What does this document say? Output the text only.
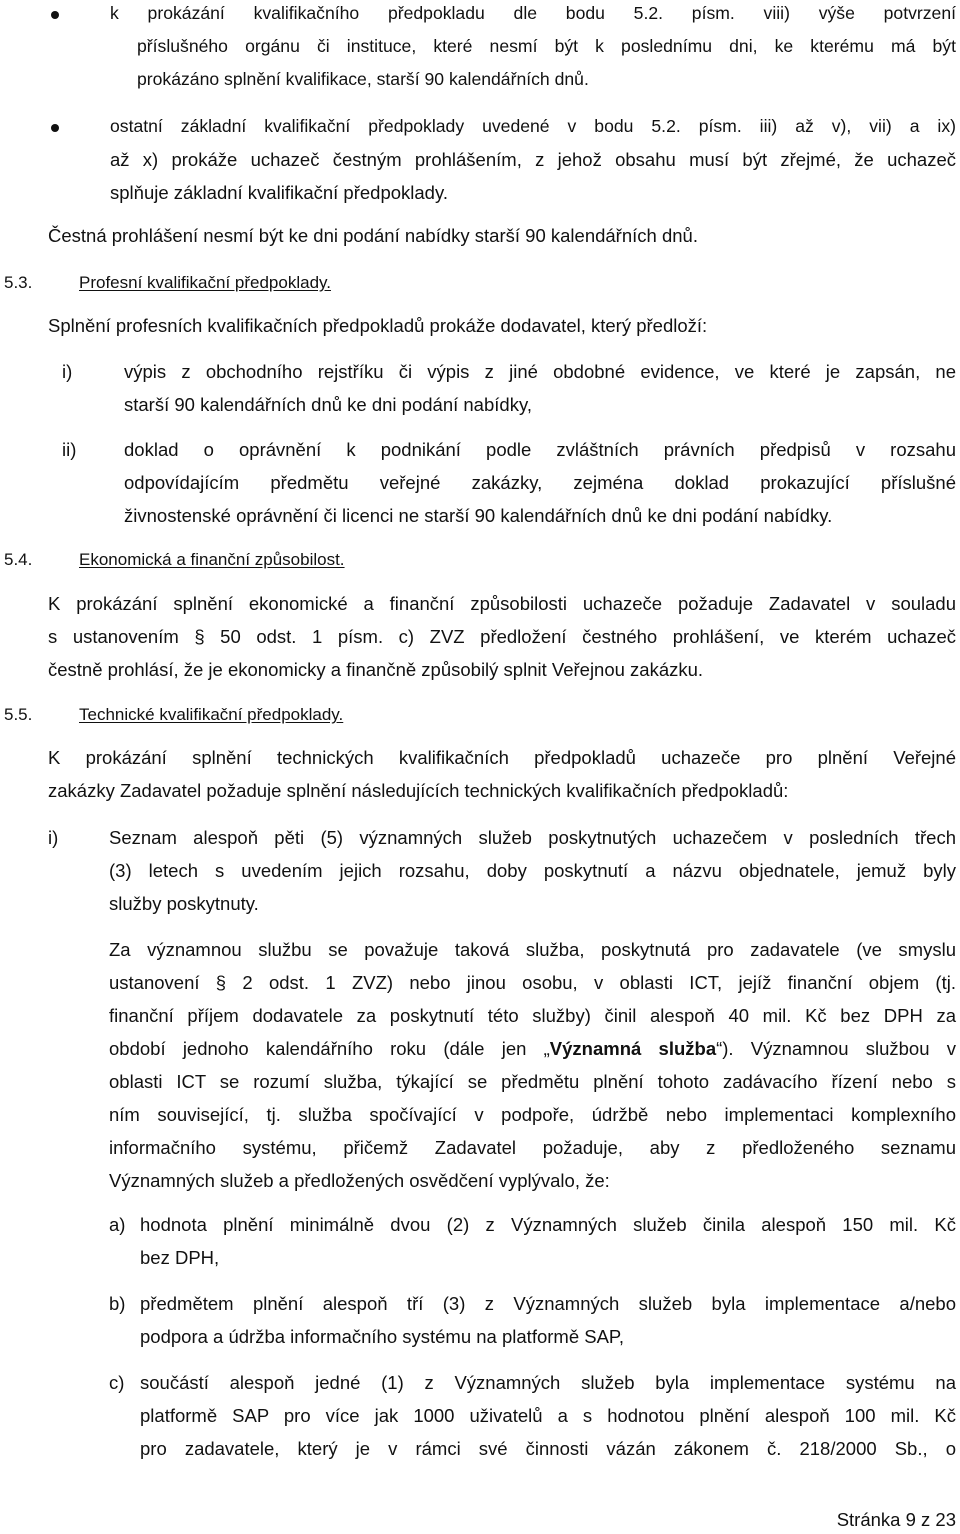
k prokázání kvalifikačního předpokladu dle bodu 5.2. písm. viii) výše potvrzení
příslušného orgánu či instituce, které nesmí být k poslednímu dni, ke kterému má být
prokázáno splnění kvalifikace, starší 90 kalendářních dnů.
ostatní základní kvalifikační předpoklady uvedené v bodu 5.2. písm. iii) až v), vii) a ix)
až x) prokáže uchazeč čestným prohlášením, z jehož obsahu musí být zřejmé, že uchazeč
splňuje základní kvalifikační předpoklady.
Čestná prohlášení nesmí být ke dni podání nabídky starší 90 kalendářních dnů.
5.3.	Profesní kvalifikační předpoklady.
Splnění profesních kvalifikačních předpokladů prokáže dodavatel, který předloží:
i)	výpis z obchodního rejstříku či výpis z jiné obdobné evidence, ve které je zapsán, ne
starší 90 kalendářních dnů ke dni podání nabídky,
ii)	doklad o oprávnění k podnikání podle zvláštních právních předpisů v rozsahu
odpovídajícím předmětu veřejné zakázky, zejména doklad prokazující příslušné
živnostenské oprávnění či licenci ne starší 90 kalendářních dnů ke dni podání nabídky.
5.4.	Ekonomická a finanční způsobilost.
K prokázání splnění ekonomické a finanční způsobilosti uchazeče požaduje Zadavatel v souladu
s ustanovením § 50 odst. 1 písm. c) ZVZ předložení čestného prohlášení, ve kterém uchazeč
čestně prohlásí, že je ekonomicky a finančně způsobilý splnit Veřejnou zakázku.
5.5.	Technické kvalifikační předpoklady.
K prokázání splnění technických kvalifikačních předpokladů uchazeče pro plnění Veřejné
zakázky Zadavatel požaduje splnění následujících technických kvalifikačních předpokladů:
i)	Seznam alespoň pěti (5) významných služeb poskytnutých uchazečem v posledních třech
(3) letech s uvedením jejich rozsahu, doby poskytnutí a názvu objednatele, jemuž byly
služby poskytnuty.
Za významnou službu se považuje taková služba, poskytnutá pro zadavatele (ve smyslu
ustanovení § 2 odst. 1 ZVZ) nebo jinou osobu, v oblasti ICT, jejíž finanční objem (tj.
finanční příjem dodavatele za poskytnutí této služby) činil alespoň 40 mil. Kč bez DPH za
období jednoho kalendářního roku (dále jen „Významná služba“). Významnou službou v
oblasti ICT se rozumí služba, týkající se předmětu plnění tohoto zadávacího řízení nebo s
ním související, tj. služba spočívající v podpoře, údržbě nebo implementaci komplexního
informačního systému, přičemž Zadavatel požaduje, aby z předloženého seznamu
Významných služeb a předložených osvědčení vyplývalo, že:
a) hodnota plnění minimálně dvou (2) z Významných služeb činila alespoň 150 mil. Kč
bez DPH,
b) předmětem plnění alespoň tří (3) z Významných služeb byla implementace a/nebo
podpora a údržba informačního systému na platformě SAP,
c) součástí alespoň jedné (1) z Významných služeb byla implementace systému na
platformě SAP pro více jak 1000 uživatelů a s hodnotou plnění alespoň 100 mil. Kč
pro zadavatele, který je v rámci své činnosti vázán zákonem č. 218/2000 Sb., o
Stránka 9 z 23
